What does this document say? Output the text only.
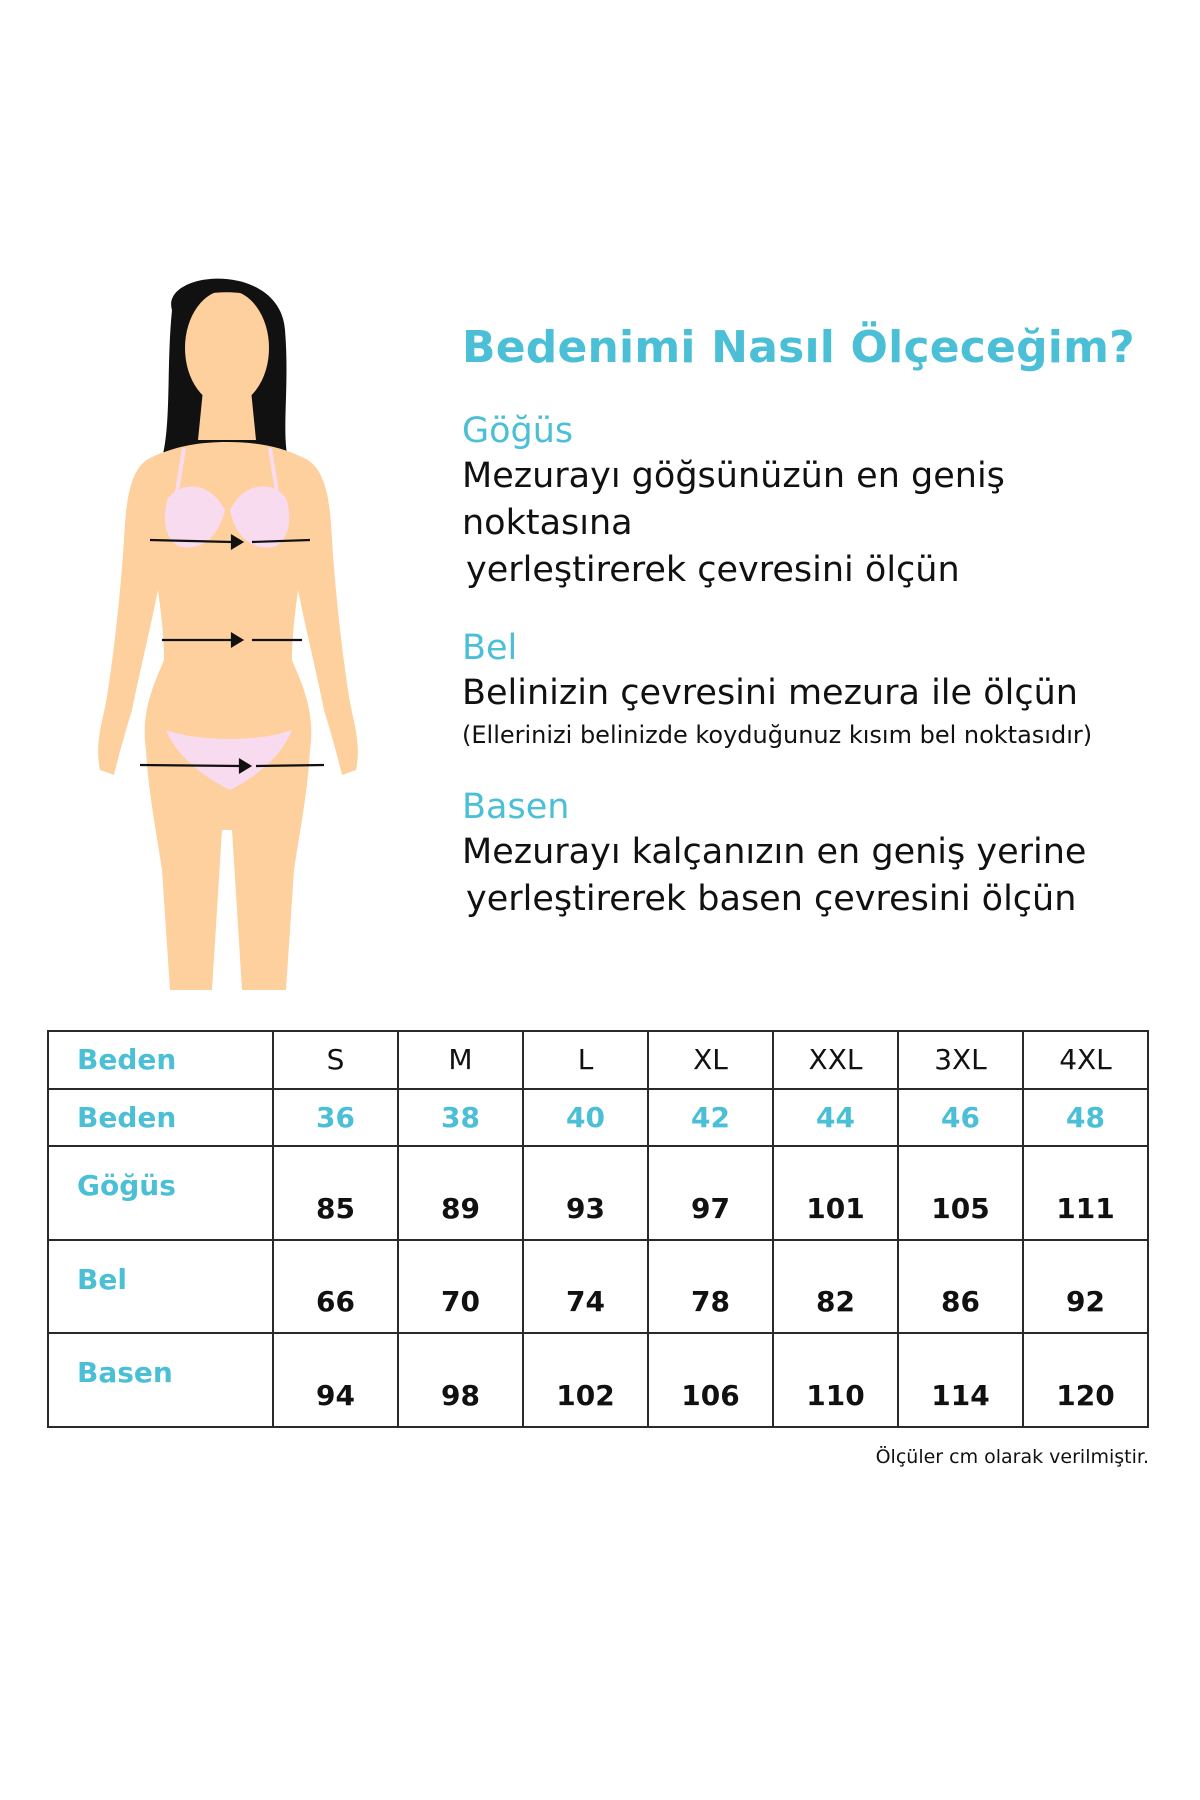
Bedenimi Nasıl Ölçeceğim?
Göğüs
Mezurayı göğsünüzün en geniş noktasına
yerleştirerek çevresini ölçün
Bel
Belinizin çevresini mezura ile ölçün
(Ellerinizi belinizde koyduğunuz kısım bel noktasıdır)
Basen
Mezurayı kalçanızın en geniş yerine
yerleştirerek basen çevresini ölçün
Beden	S	M	L	XL	XXL	3XL	4XL
Beden	36	38	40	42	44	46	48
Göğüs	85	89	93	97	101	105	111
Bel	66	70	74	78	82	86	92
Basen	94	98	102	106	110	114	120
Ölçüler cm olarak verilmiştir.
